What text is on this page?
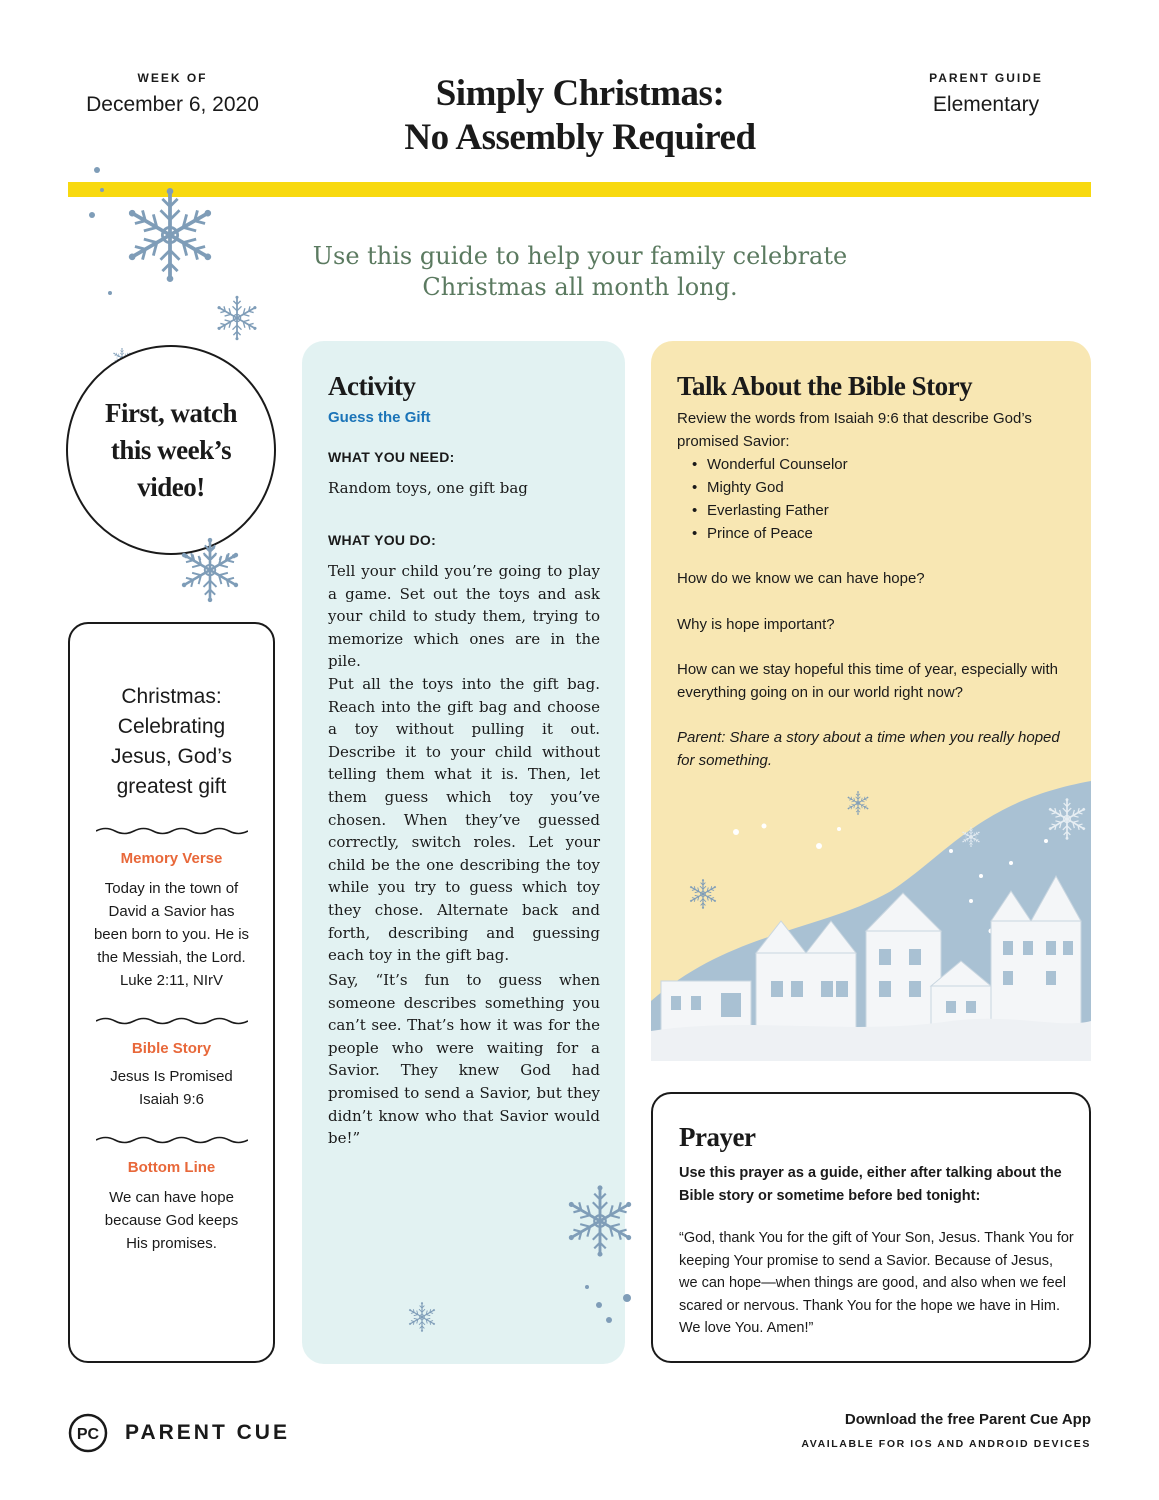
WEEK OF
December 6, 2020	Simply Christmas:
No Assembly Required
PARENT GUIDE
Elementary
First, watch
this week’s
video!
Christmas:
Celebrating
Jesus, God’s
greatest gift
Memory Verse
Today in the town of David a Savior has been born to you. He is the Messiah, the Lord. Luke 2:11, NIrV
Bible Story
Jesus Is Promised
Isaiah 9:6
Bottom Line
We can have hope because God keeps His promises.
Use this guide to help your family celebrate
Christmas all month long.
Activity
Guess the Gift
WHAT YOU NEED:
Random toys, one gift bag
WHAT YOU DO:
Tell your child you’re going to play a game. Set out the toys and ask your child to study them, trying to memorize which ones are in the pile.
Put all the toys into the gift bag. Reach into the gift bag and choose a toy without pulling it out. Describe it to your child without telling them what it is. Then, let them guess which toy you’ve chosen. When they’ve guessed correctly, switch roles. Let your child be the one describing the toy while you try to guess which toy they chose. Alternate back and forth, describing and guessing each toy in the gift bag.
Say, “It’s fun to guess when someone describes something you can’t see. That’s how it was for the people who were waiting for a Savior. They knew God had promised to send a Savior, but they didn’t know who that Savior would be!”
Talk About the Bible Story
Review the words from Isaiah 9:6 that describe God’s promised Savior:
• Wonderful Counselor
• Mighty God
• Everlasting Father
• Prince of Peace
How do we know we can have hope?
Why is hope important?
How can we stay hopeful this time of year, especially with everything going on in our world right now?
Parent: Share a story about a time when you really hoped for something.
Prayer
Use this prayer as a guide, either after talking about the Bible story or sometime before bed tonight:
“God, thank You for the gift of Your Son, Jesus. Thank You for keeping Your promise to send a Savior. Because of Jesus, we can hope—when things are good, and also when we feel scared or nervous. Thank You for the hope we have in Him. We love You. Amen!”
PC PARENT CUE
Download the free Parent Cue App
AVAILABLE FOR IOS AND ANDROID DEVICES
